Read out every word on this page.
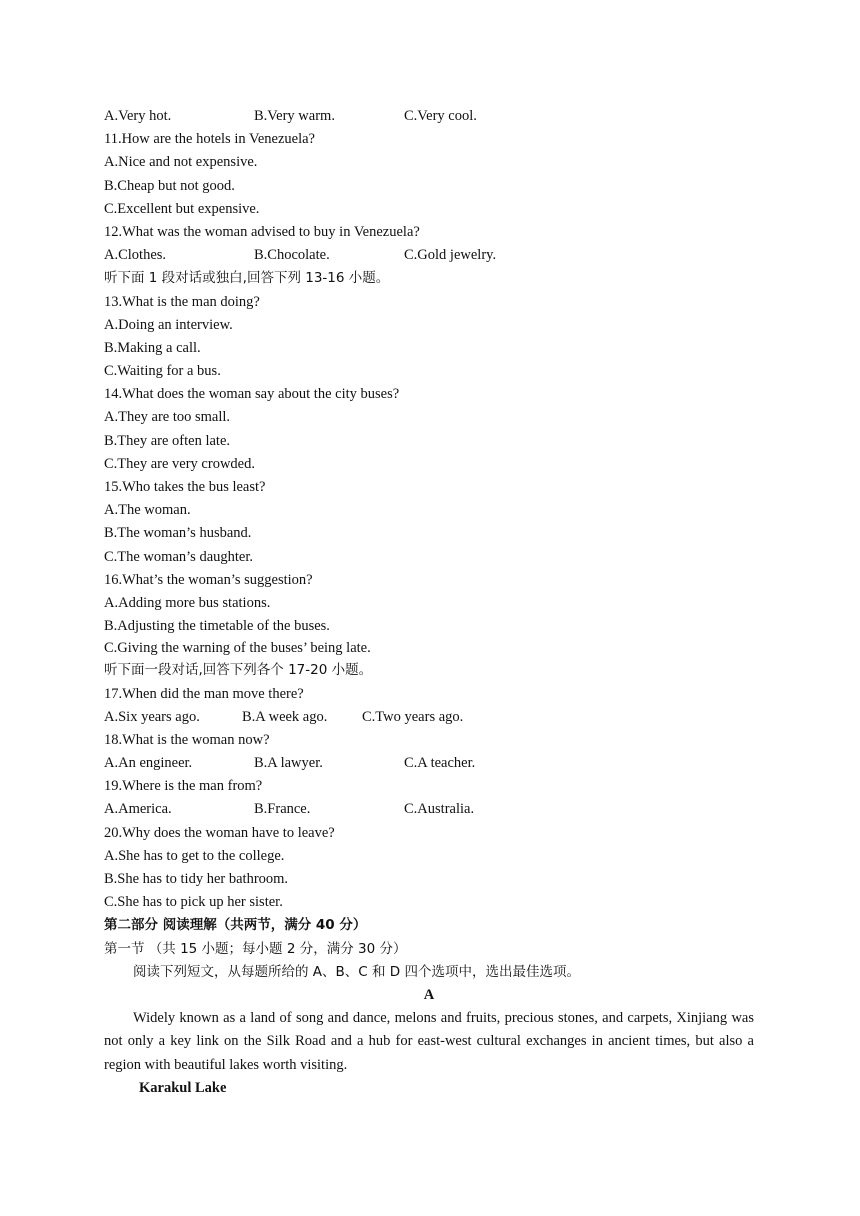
A.Very hot.	B.Very warm.	C.Very cool.
11.How are the hotels in Venezuela?
A.Nice and not expensive.
B.Cheap but not good.
C.Excellent but expensive.
12.What was the woman advised to buy in Venezuela?
A.Clothes.	B.Chocolate.	C.Gold jewelry.
听下面 1 段对话或独白,回答下列 13-16 小题。
13.What is the man doing?
A.Doing an interview.
B.Making a call.
C.Waiting for a bus.
14.What does the woman say about the city buses?
A.They are too small.
B.They are often late.
C.They are very crowded.
15.Who takes the bus least?
A.The woman.
B.The woman’s husband.
C.The woman’s daughter.
16.What’s the woman’s suggestion?
A.Adding more bus stations.
B.Adjusting the timetable of the buses.
C.Giving the warning of the buses’ being late.
听下面一段对话,回答下列各个 17-20 小题。
17.When did the man move there?
A.Six years ago.	B.A week ago.	C.Two years ago.
18.What is the woman now?
A.An engineer.	B.A lawyer.	C.A teacher.
19.Where is the man from?
A.America.	B.France.	C.Australia.
20.Why does the woman have to leave?
A.She has to get to the college.
B.She has to tidy her bathroom.
C.She has to pick up her sister.
第二部分 阅读理解（共两节，满分 40 分）
第一节 （共 15 小题；每小题 2 分，满分 30 分）
阅读下列短文，从每题所给的 A、B、C 和 D 四个选项中，选出最佳选项。
A

Widely known as a land of song and dance, melons and fruits, precious stones, and carpets, Xinjiang was not only a key link on the Silk Road and a hub for east-west cultural exchanges in ancient times, but also a region with beautiful lakes worth visiting.

Karakul Lake
